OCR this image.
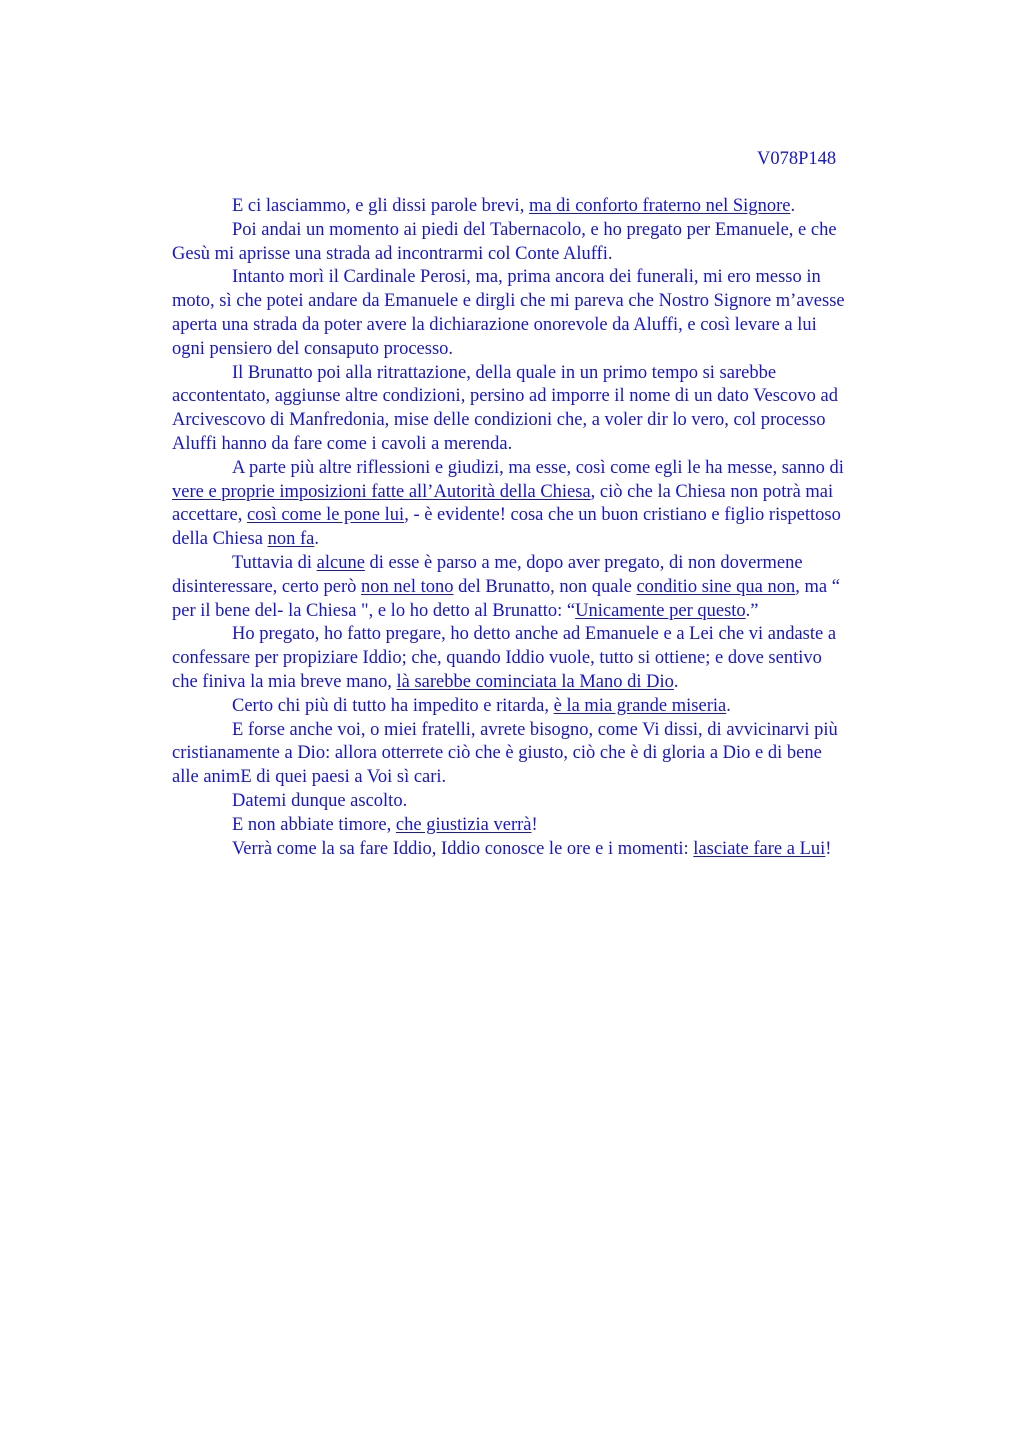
V078P148
E ci lasciammo, e gli dissi parole brevi, ma di conforto fraterno nel Signore.
Poi andai un momento ai piedi del Tabernacolo, e ho pregato per Emanuele, e che
Gesù mi aprisse una strada ad incontrarmi col Conte Aluffi.
Intanto morì il Cardinale Perosi, ma, prima ancora dei funerali, mi ero messo in
moto, sì che potei andare da Emanuele e dirgli che mi pareva che Nostro Signore m’avesse
aperta una strada da poter avere la dichiarazione onorevole da Aluffi, e così levare a lui
ogni pensiero del consaputo processo.
Il Brunatto poi alla ritrattazione, della quale in un primo tempo si sarebbe
accontentato, aggiunse altre condizioni, persino ad imporre il nome di un dato Vescovo ad
Arcivescovo di Manfredonia, mise delle condizioni che, a voler dir lo vero, col processo
Aluffi hanno da fare come i cavoli a merenda.
A parte più altre riflessioni e giudizi, ma esse, così come egli le ha messe, sanno di
vere e proprie imposizioni fatte all’Autorità della Chiesa, ciò che la Chiesa non potrà mai
accettare, così come le pone lui, - è evidente! cosa che un buon cristiano e figlio rispettoso
della Chiesa non fa.
Tuttavia di alcune di esse è parso a me, dopo aver pregato, di non dovermene
disinteressare, certo però non nel tono del Brunatto, non quale conditio sine qua non, ma “
per il bene del- la Chiesa ", e lo ho detto al Brunatto: “Unicamente per questo.”
Ho pregato, ho fatto pregare, ho detto anche ad Emanuele e a Lei che vi andaste a
confessare per propiziare Iddio; che, quando Iddio vuole, tutto si ottiene; e dove sentivo
che finiva la mia breve mano, là sarebbe cominciata la Mano di Dio.
Certo chi più di tutto ha impedito e ritarda, è la mia grande miseria.
E forse anche voi, o miei fratelli, avrete bisogno, come Vi dissi, di avvicinarvi più
cristianamente a Dio: allora otterrete ciò che è giusto, ciò che è di gloria a Dio e di bene
alle animE di quei paesi a Voi sì cari.
Datemi dunque ascolto.
E non abbiate timore, che giustizia verrà!
Verrà come la sa fare Iddio, Iddio conosce le ore e i momenti: lasciate fare a Lui!
